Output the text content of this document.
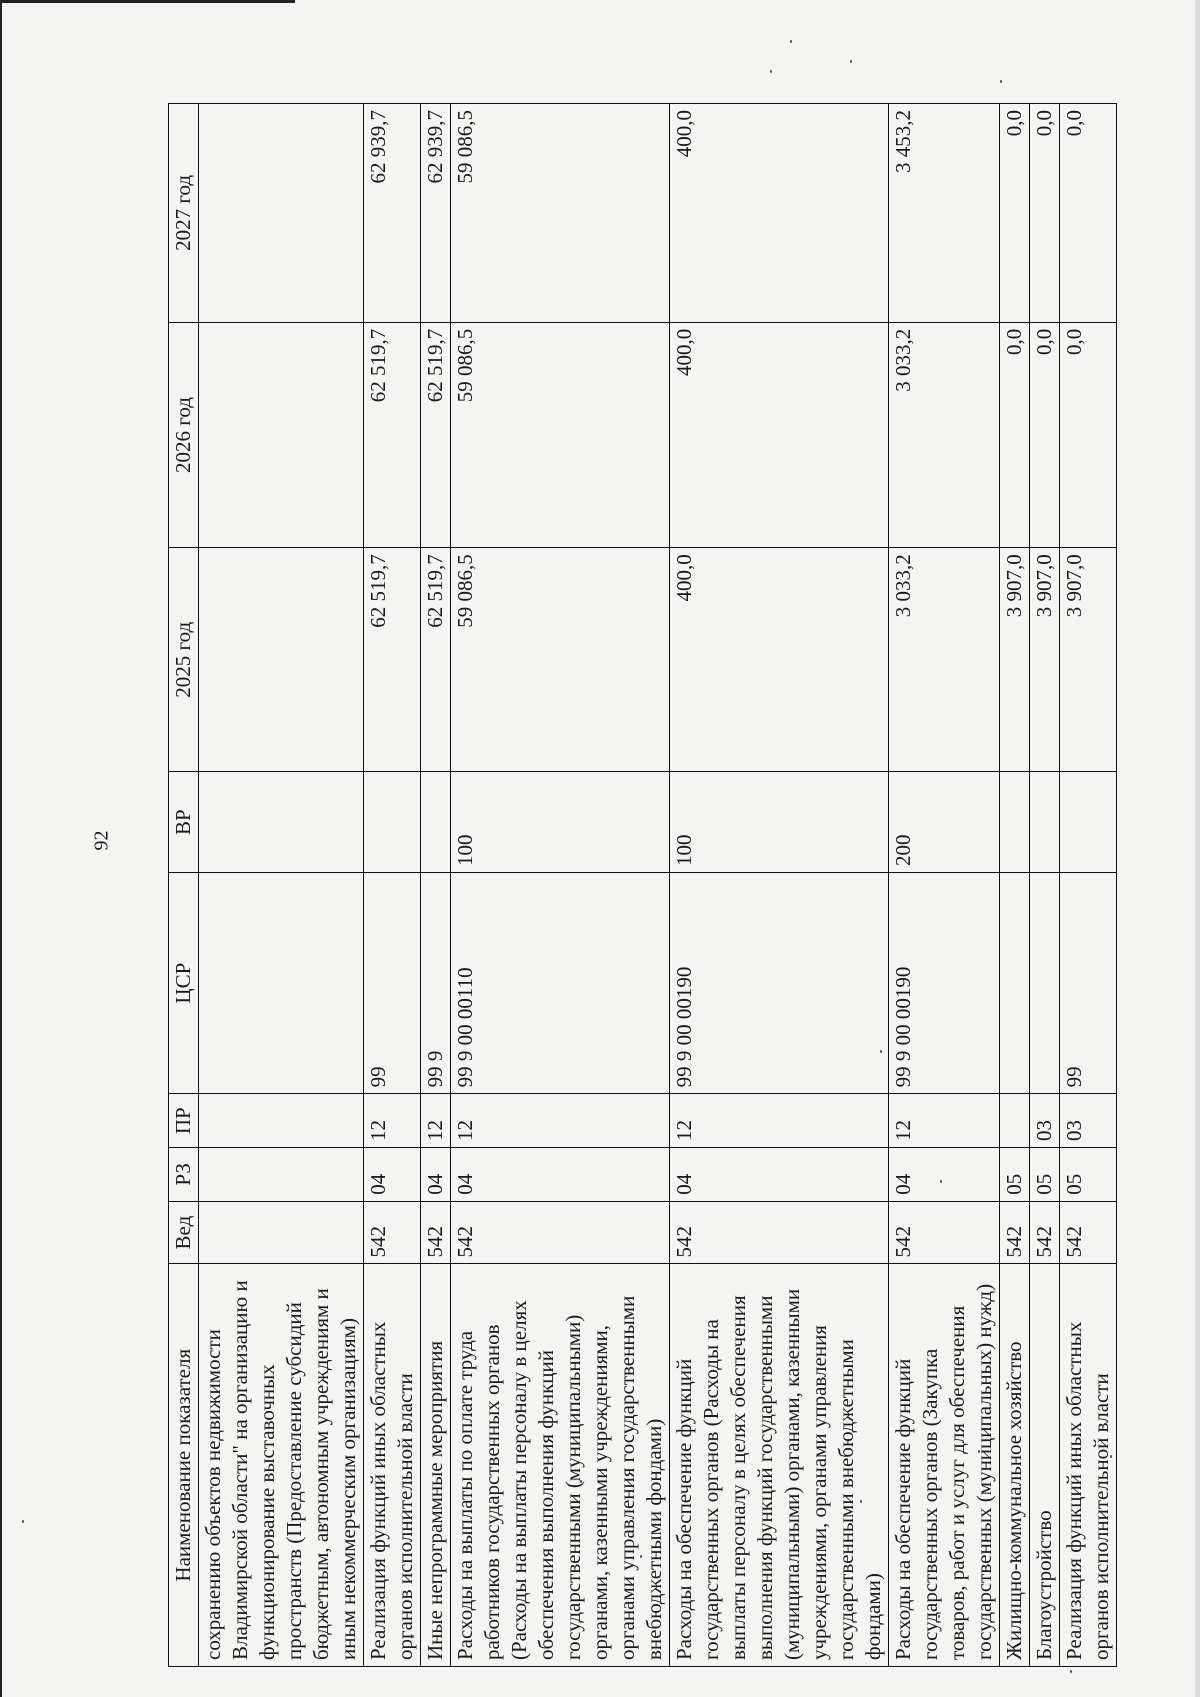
92
Наименование показателя	Вед	РЗ	ПР	ЦСР	ВР	2025 год	2026 год	2027 год
сохранению объектов недвижимости Владимирской области" на организацию и функционирование выставочных пространств (Предоставление субсидий бюджетным, автономным учреждениям и иным некоммерческим организациям)								
Реализация функций иных областных органов исполнительной власти	542	04	12	99		62 519,7	62 519,7	62 939,7
Иные непрограммные мероприятия	542	04	12	99 9		62 519,7	62 519,7	62 939,7
Расходы на выплаты по оплате труда работников государственных органов (Расходы на выплаты персоналу в целях обеспечения выполнения функций государственными (муниципальными) органами, казенными учреждениями, органами управления государственными внебюджетными фондами)	542	04	12	99 9 00 00110	100	59 086,5	59 086,5	59 086,5
Расходы на обеспечение функций государственных органов (Расходы на выплаты персоналу в целях обеспечения выполнения функций государственными (муниципальными) органами, казенными учреждениями, органами управления государственными внебюджетными фондами)	542	04	12	99 9 00 00190	100	400,0	400,0	400,0
Расходы на обеспечение функций государственных органов (Закупка товаров, работ и услуг для обеспечения государственных (муниципальных) нужд)	542	04	12	99 9 00 00190	200	3 033,2	3 033,2	3 453,2
Жилищно-коммунальное хозяйство	542	05				3 907,0	0,0	0,0
Благоустройство	542	05	03			3 907,0	0,0	0,0
Реализация функций иных областных органов исполнительной власти	542	05	03	99		3 907,0	0,0	0,0
